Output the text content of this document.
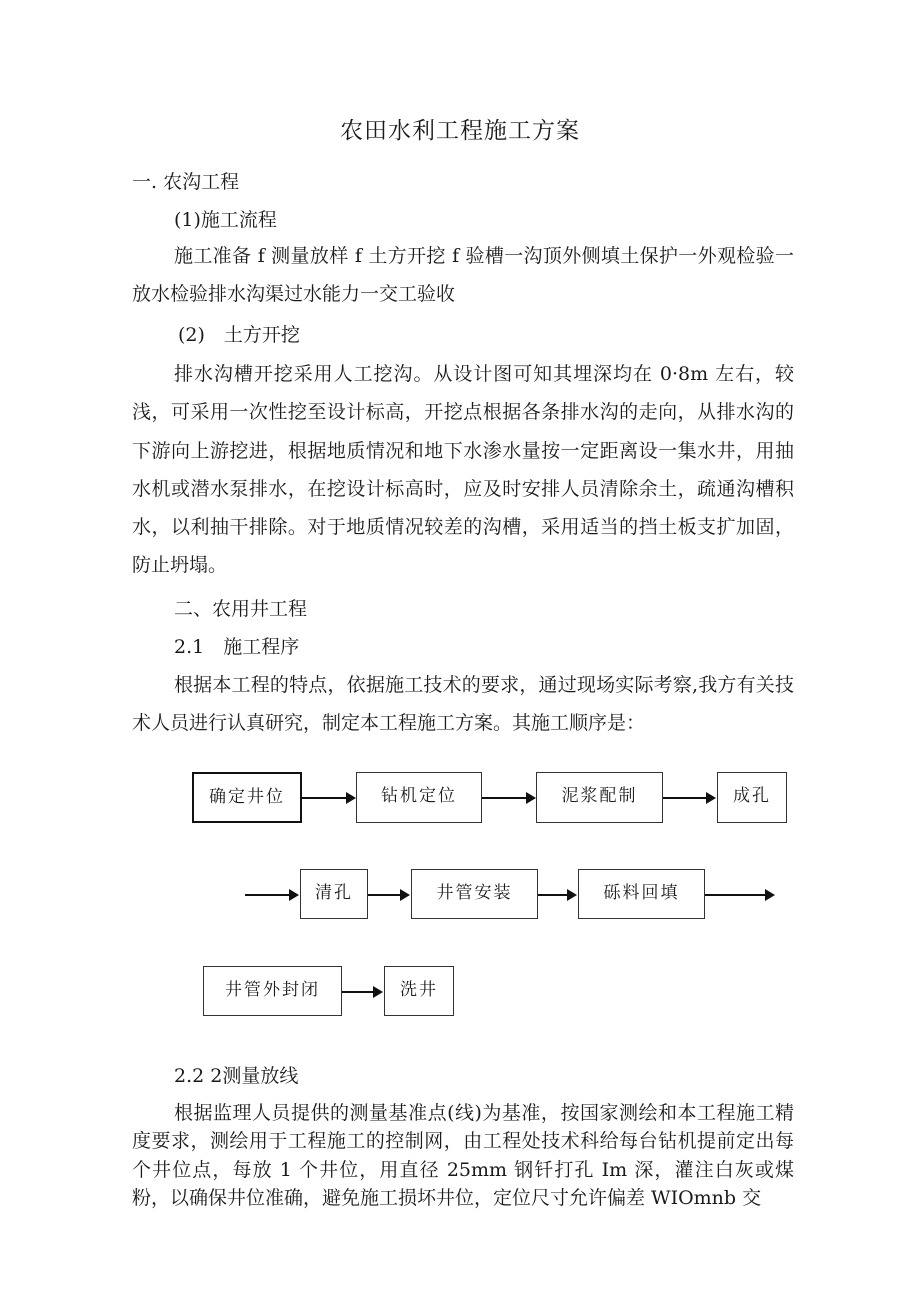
农田水利工程施工方案
一. 农沟工程
(1)施工流程
施工准备 f 测量放样 f 土方开挖 f 验槽一沟顶外侧填土保护一外观检验一放水检验排水沟渠过水能力一交工验收
(2)　土方开挖
排水沟槽开挖采用人工挖沟。从设计图可知其埋深均在 0·8m 左右，较浅，可采用一次性挖至设计标高，开挖点根据各条排水沟的走向，从排水沟的下游向上游挖进，根据地质情况和地下水渗水量按一定距离设一集水井，用抽水机或潜水泵排水，在挖设计标高时，应及时安排人员清除余土，疏通沟槽积水，以利抽干排除。对于地质情况较差的沟槽，采用适当的挡土板支扩加固，防止坍塌。
二、农用井工程
2.1　施工程序
根据本工程的特点，依据施工技术的要求，通过现场实际考察,我方有关技术人员进行认真研究，制定本工程施工方案。其施工顺序是：
确定井位	钻机定位	泥浆配制	成孔
清孔	井管安装	砾料回填
井管外封闭	洗井
2.2 2测量放线
根据监理人员提供的测量基准点(线)为基准，按国家测绘和本工程施工精度要求，测绘用于工程施工的控制网，由工程处技术科给每台钻机提前定出每个井位点，每放 1 个井位，用直径 25mm 钢钎打孔 Im 深，灌注白灰或煤粉，以确保井位准确，避免施工损坏井位，定位尺寸允许偏差 WIOmnb 交
